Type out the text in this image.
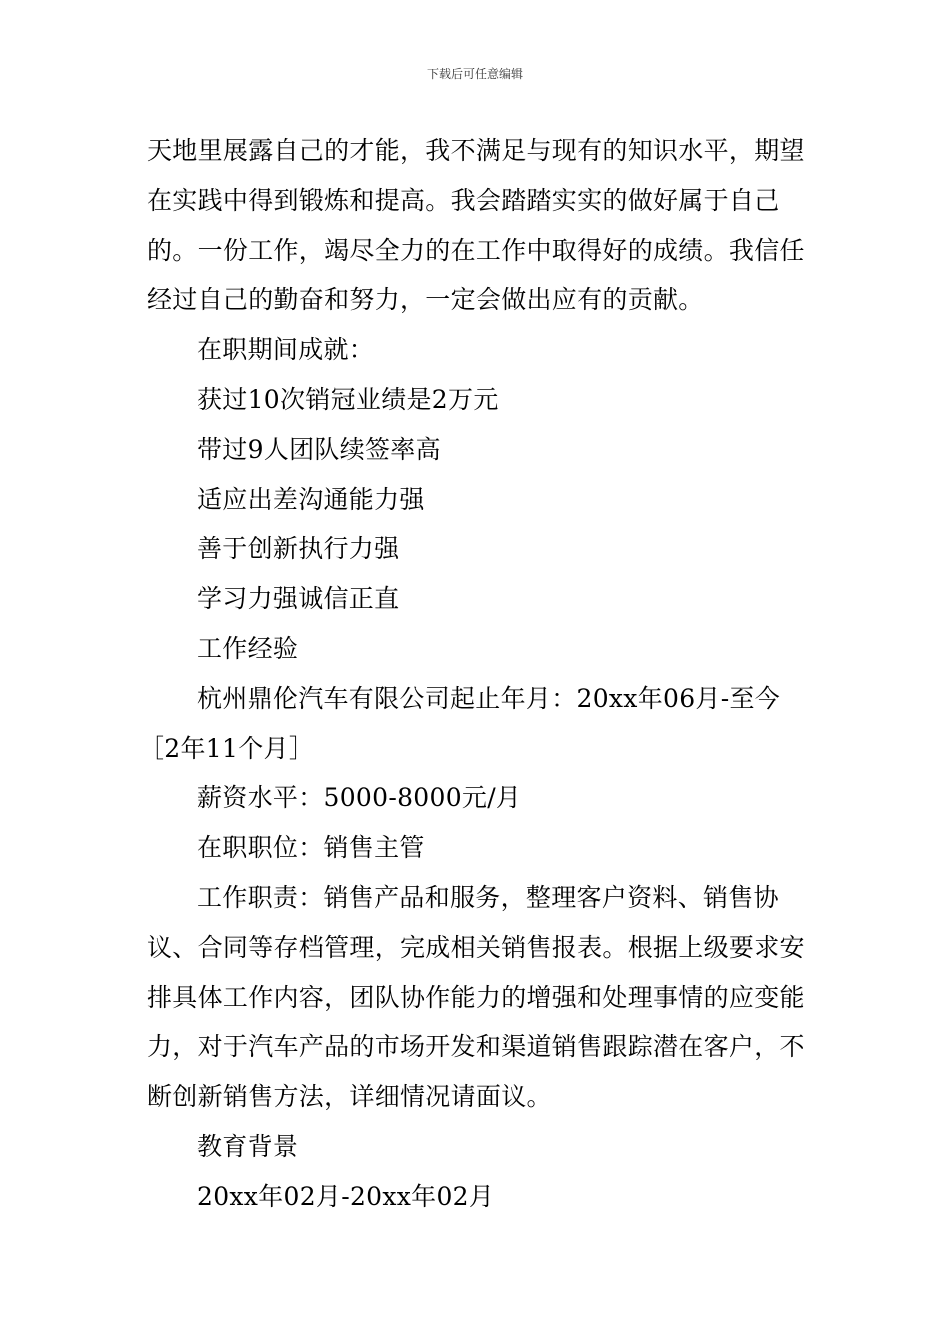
下载后可任意编辑

天地里展露自己的才能，我不满足与现有的知识水平，期望在实践中得到锻炼和提高。我会踏踏实实的做好属于自己的。一份工作，竭尽全力的在工作中取得好的成绩。我信任经过自己的勤奋和努力，一定会做出应有的贡献。

在职期间成就：

获过10次销冠业绩是2万元

带过9人团队续签率高

适应出差沟通能力强

善于创新执行力强

学习力强诚信正直

工作经验

杭州鼎伦汽车有限公司起止年月：20xx年06月-至今

［2年11个月］

薪资水平：5000-8000元/月

在职职位：销售主管

工作职责：销售产品和服务，整理客户资料、销售协议、合同等存档管理，完成相关销售报表。根据上级要求安排具体工作内容，团队协作能力的增强和处理事情的应变能力，对于汽车产品的市场开发和渠道销售跟踪潜在客户，不断创新销售方法，详细情况请面议。

教育背景

20xx年02月-20xx年02月
